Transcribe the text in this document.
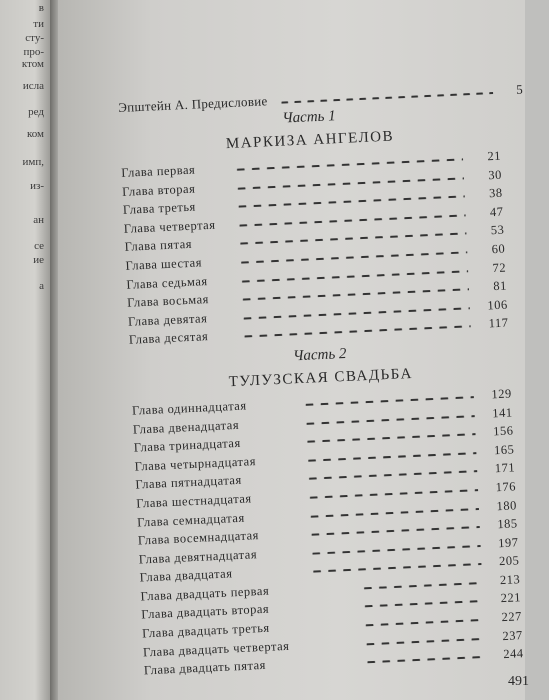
в
ти
сту-
про-
ктом
исла
ред
ком
имп,
из-
ан
се
ие
а
Эпштейн А. Предисловие
5
Часть 1
МАРКИЗА АНГЕЛОВ
Глава первая
21
Глава вторая
30
Глава третья
38
Глава четвертая
47
Глава пятая
53
Глава шестая
60
Глава седьмая
72
Глава восьмая
81
Глава девятая
106
Глава десятая
117
Часть 2
ТУЛУЗСКАЯ СВАДЬБА
Глава одиннадцатая
129
Глава двенадцатая
141
Глава тринадцатая
156
Глава четырнадцатая
165
Глава пятнадцатая
171
Глава шестнадцатая
176
Глава семнадцатая
180
Глава восемнадцатая
185
Глава девятнадцатая
197
Глава двадцатая
205
Глава двадцать первая
213
Глава двадцать вторая
221
Глава двадцать третья
227
Глава двадцать четвертая
237
Глава двадцать пятая
244
491
